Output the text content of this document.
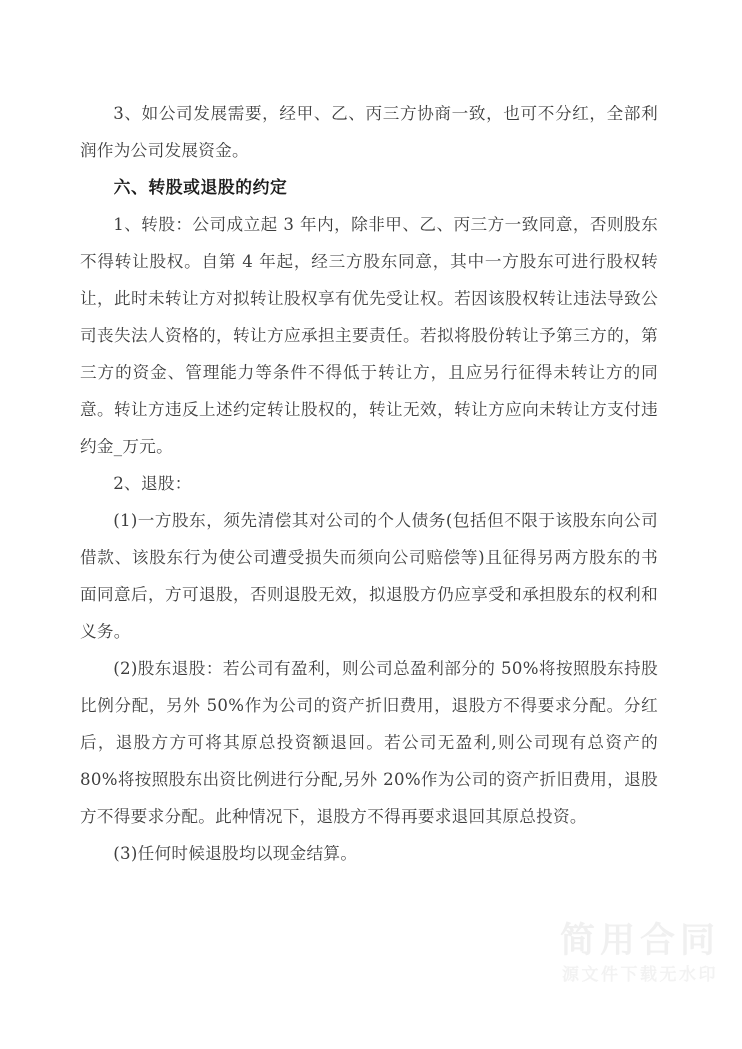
3、如公司发展需要，经甲、乙、丙三方协商一致，也可不分红，全部利润作为公司发展资金。

六、转股或退股的约定

1、转股：公司成立起 3 年内，除非甲、乙、丙三方一致同意，否则股东不得转让股权。自第 4 年起，经三方股东同意，其中一方股东可进行股权转让，此时未转让方对拟转让股权享有优先受让权。若因该股权转让违法导致公司丧失法人资格的，转让方应承担主要责任。若拟将股份转让予第三方的，第三方的资金、管理能力等条件不得低于转让方，且应另行征得未转让方的同意。转让方违反上述约定转让股权的，转让无效，转让方应向未转让方支付违约金_万元。

2、退股：

(1)一方股东，须先清偿其对公司的个人债务(包括但不限于该股东向公司借款、该股东行为使公司遭受损失而须向公司赔偿等)且征得另两方股东的书面同意后，方可退股，否则退股无效，拟退股方仍应享受和承担股东的权利和义务。

(2)股东退股：若公司有盈利，则公司总盈利部分的 50%将按照股东持股比例分配，另外 50%作为公司的资产折旧费用，退股方不得要求分配。分红后，退股方方可将其原总投资额退回。若公司无盈利,则公司现有总资产的 80%将按照股东出资比例进行分配,另外 20%作为公司的资产折旧费用，退股方不得要求分配。此种情况下，退股方不得再要求退回其原总投资。

(3)任何时候退股均以现金结算。

简用合同
源文件下载无水印
